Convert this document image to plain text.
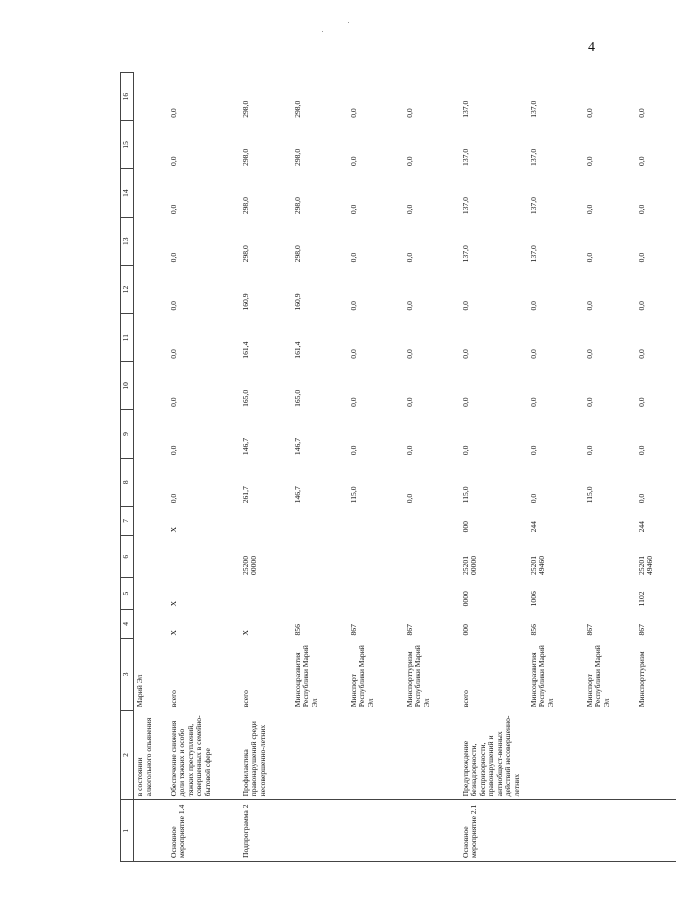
4
1	2	3	4	5	6	7	8	9	10	11	12	13	14	15	16
	в состоянии алкогольного опьянения	Марий Эл													
Основное мероприятие 1.4	Обеспечение снижения доли тяжких и особо тяжких преступлений, совершенных в семейно-бытовой сфере	всего	Х	Х		Х	0,0	0,0	0,0	0,0	0,0	0,0	0,0	0,0	0,0
Подпрограмма 2	Профилактика правонарушений среди несовершенно-летних	всего	Х		25200 00000		261,7	146,7	165,0	161,4	160,9	298,0	298,0	298,0	298,0
		Минсоцразвития Республики Марий Эл	856				146,7	146,7	165,0	161,4	160,9	298,0	298,0	298,0	298,0
		Минспорт Республики Марий Эл	867				115,0	0,0	0,0	0,0	0,0	0,0	0,0	0,0	0,0
		Минспорттуризм Республики Марий Эл	867				0,0	0,0	0,0	0,0	0,0	0,0	0,0	0,0	0,0
Основное мероприятие 2.1	Предупреждение безнадзорности, беспризорности, правонарушений и антиобщест-венных действий несовершенно-летних	всего	000	0000	25201 00000	000	115,0	0,0	0,0	0,0	0,0	137,0	137,0	137,0	137,0
		Минсоцразвития Республики Марий Эл	856	1006	25201 49460	244	0,0	0,0	0,0	0,0	0,0	137,0	137,0	137,0	137,0
		Минспорт Республики Марий Эл	867				115,0	0,0	0,0	0,0	0,0	0,0	0,0	0,0	0,0
		Минспорттуризм	867	1102	25201 49460	244	0,0	0,0	0,0	0,0	0,0	0,0	0,0	0,0	0,0
